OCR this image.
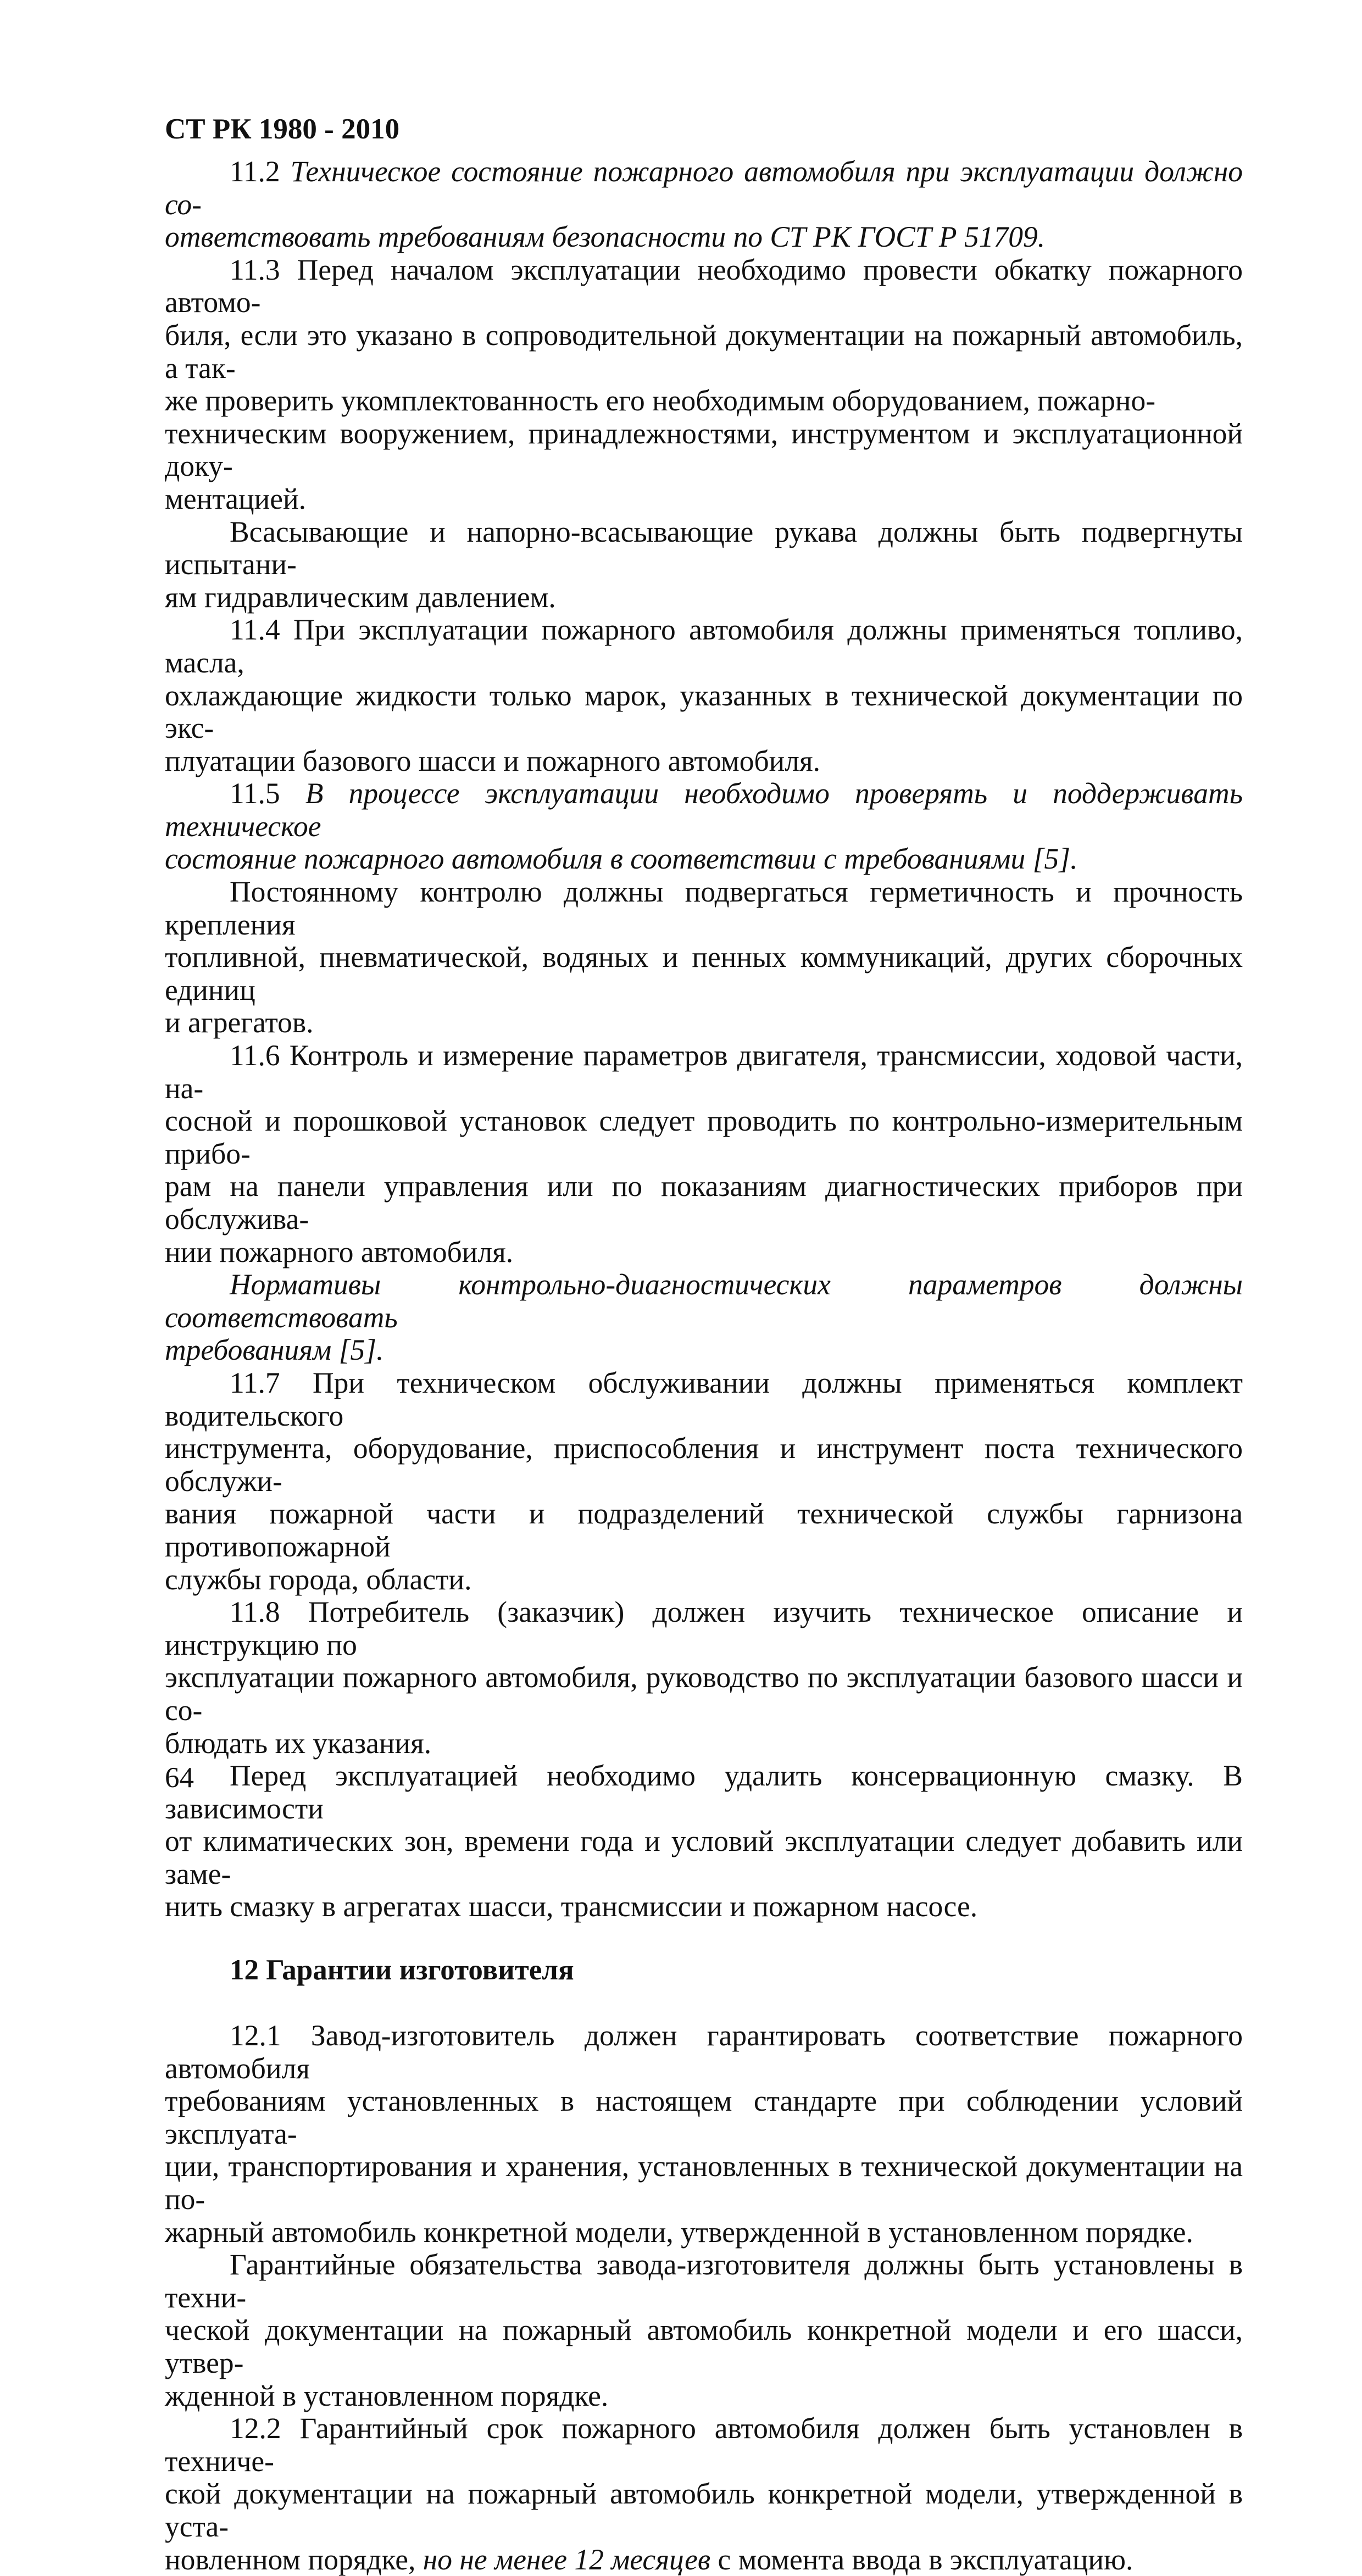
СТ РК 1980 - 2010

11.2 Техническое состояние пожарного автомобиля при эксплуатации должно со-
ответствовать требованиям безопасности по СТ РК ГОСТ Р 51709.

11.3 Перед началом эксплуатации необходимо провести обкатку пожарного автомо-
биля, если это указано в сопроводительной документации на пожарный автомобиль, а так-
же проверить укомплектованность его необходимым оборудованием, пожарно-
техническим вооружением, принадлежностями, инструментом и эксплуатационной доку-
ментацией.

Всасывающие и напорно-всасывающие рукава должны быть подвергнуты испытани-
ям гидравлическим давлением.

11.4 При эксплуатации пожарного автомобиля должны применяться топливо, масла,
охлаждающие жидкости только марок, указанных в технической документации по экс-
плуатации базового шасси и пожарного автомобиля.

11.5 В процессе эксплуатации необходимо проверять и поддерживать техническое
состояние пожарного автомобиля в соответствии с требованиями [5].

Постоянному контролю должны подвергаться герметичность и прочность крепления
топливной, пневматической, водяных и пенных коммуникаций, других сборочных единиц
и агрегатов.

11.6 Контроль и измерение параметров двигателя, трансмиссии, ходовой части, на-
сосной и порошковой установок следует проводить по контрольно-измерительным прибо-
рам на панели управления или по показаниям диагностических приборов при обслужива-
нии пожарного автомобиля.

Нормативы контрольно-диагностических параметров должны соответствовать
требованиям [5].

11.7 При техническом обслуживании должны применяться комплект водительского
инструмента, оборудование, приспособления и инструмент поста технического обслужи-
вания пожарной части и подразделений технической службы гарнизона противопожарной
службы города, области.

11.8 Потребитель (заказчик) должен изучить техническое описание и инструкцию по
эксплуатации пожарного автомобиля, руководство по эксплуатации базового шасси и со-
блюдать их указания.

Перед эксплуатацией необходимо удалить консервационную смазку. В зависимости
от климатических зон, времени года и условий эксплуатации следует добавить или заме-
нить смазку в агрегатах шасси, трансмиссии и пожарном насосе.

12 Гарантии изготовителя

12.1 Завод-изготовитель должен гарантировать соответствие пожарного автомобиля
требованиям установленных в настоящем стандарте при соблюдении условий эксплуата-
ции, транспортирования и хранения, установленных в технической документации на по-
жарный автомобиль конкретной модели, утвержденной в установленном порядке.

Гарантийные обязательства завода-изготовителя должны быть установлены в техни-
ческой документации на пожарный автомобиль конкретной модели и его шасси, утвер-
жденной в установленном порядке.

12.2 Гарантийный срок пожарного автомобиля должен быть установлен в техниче-
ской документации на пожарный автомобиль конкретной модели, утвержденной в уста-
новленном порядке, но не менее 12 месяцев с момента ввода в эксплуатацию.

64
